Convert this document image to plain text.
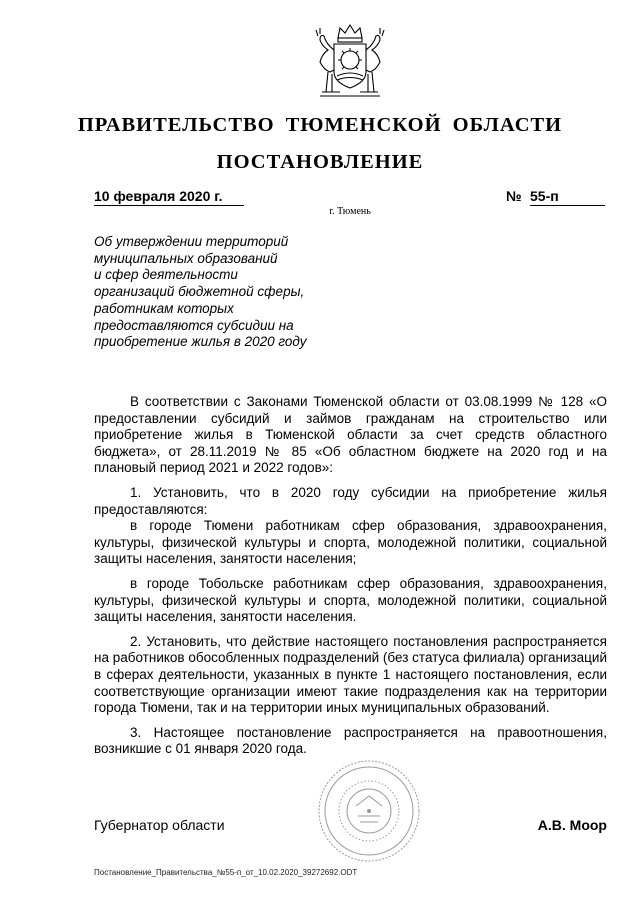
ПРАВИТЕЛЬСТВО ТЮМЕНСКОЙ ОБЛАСТИ
ПОСТАНОВЛЕНИЕ
10 февраля 2020 г.	№ 55-п
г. Тюмень
Об утверждении территорий
муниципальных образований
и сфер деятельности
организаций бюджетной сферы,
работникам которых
предоставляются субсидии на
приобретение жилья в 2020 году

В соответствии с Законами Тюменской области от 03.08.1999 № 128 «О предоставлении субсидий и займов гражданам на строительство или приобретение жилья в Тюменской области за счет средств областного бюджета», от 28.11.2019 № 85 «Об областном бюджете на 2020 год и на плановый период 2021 и 2022 годов»:

1. Установить, что в 2020 году субсидии на приобретение жилья предоставляются:

в городе Тюмени работникам сфер образования, здравоохранения, культуры, физической культуры и спорта, молодежной политики, социальной защиты населения, занятости населения;

в городе Тобольске работникам сфер образования, здравоохранения, культуры, физической культуры и спорта, молодежной политики, социальной защиты населения, занятости населения.

2. Установить, что действие настоящего постановления распространяется на работников обособленных подразделений (без статуса филиала) организаций в сферах деятельности, указанных в пункте 1 настоящего постановления, если соответствующие организации имеют такие подразделения как на территории города Тюмени, так и на территории иных муниципальных образований.

3. Настоящее постановление распространяется на правоотношения, возникшие с 01 января 2020 года.

Губернатор области	А.В. Моор
Постановление_Правительства_№55-п_от_10.02.2020_39272692.ODT
